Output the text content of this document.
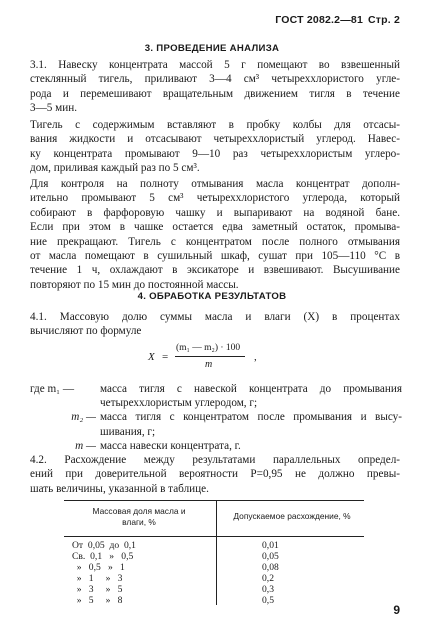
ГОСТ 2082.2—81 Стр. 2
3. ПРОВЕДЕНИЕ АНАЛИЗА
3.1. Навеску концентрата массой 5 г помещают во взвешенный
стеклянный тигель, приливают 3—4 см³ четыреххлористого угле-
рода и перемешивают вращательным движением тигля в течение
3—5 мин.
Тигель с содержимым вставляют в пробку колбы для отсасы-
вания жидкости и отсасывают четыреххлористый углерод. Навес-
ку концентрата промывают 9—10 раз четыреххлористым углеро-
дом, приливая каждый раз по 5 см³.
Для контроля на полноту отмывания масла концентрат дополн-
ительно промывают 5 см³ четыреххлористого углерода, который
собирают в фарфоровую чашку и выпаривают на водяной бане.
Если при этом в чашке остается едва заметный остаток, промыва-
ние прекращают. Тигель с концентратом после полного отмывания
от масла помещают в сушильный шкаф, сушат при 105—110 °С в
течение 1 ч, охлаждают в эксикаторе и взвешивают. Высушивание
повторяют по 15 мин до постоянной массы.
4. ОБРАБОТКА РЕЗУЛЬТАТОВ
4.1. Массовую долю суммы масла и влаги (X) в процентах
вычисляют по формуле
X =
(m₁ — m₂) · 100
m
,
где m₁ —	масса тигля с навеской концентрата до промывания
четыреххлористым углеродом, г;
m₂ — масса тигля с концентратом после промывания и высу-
шивания, г;
m — масса навески концентрата, г.
4.2. Расхождение между результатами параллельных определ-
ений при доверительной вероятности P=0,95 не должно превы-
шать величины, указанной в таблице.
Массовая доля масла и
влаги, %
Допускаемое расхождение, %
От  0,05  до  0,1	0,01
Св.  0,1   »   0,5	0,05
»   0,5   »   1	0,08
»   1     »   3	0,2
»   3     »   5	0,3
»   5     »   8	0,5
9
